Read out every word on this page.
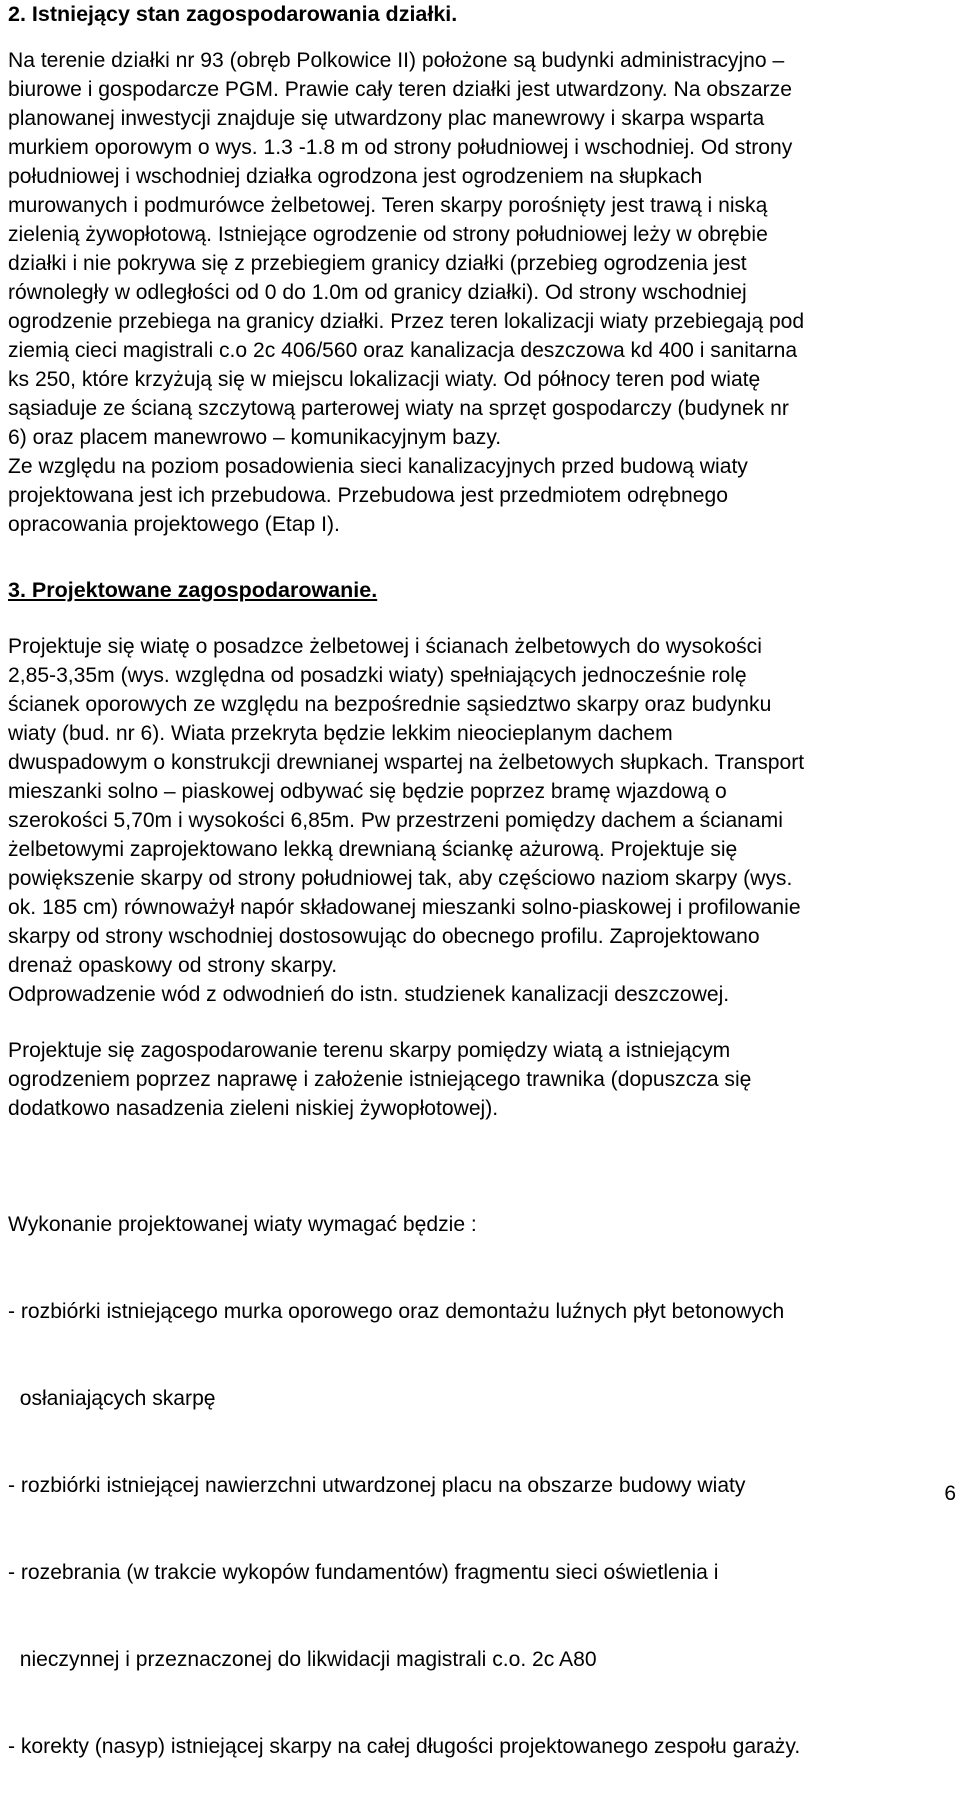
2. Istniejący stan zagospodarowania działki.

Na terenie działki nr 93 (obręb Polkowice II) położone są budynki administracyjno –
biurowe i gospodarcze PGM. Prawie cały teren działki jest utwardzony. Na obszarze
planowanej inwestycji znajduje się utwardzony plac manewrowy i skarpa wsparta
murkiem oporowym o wys. 1.3 -1.8 m od strony południowej i wschodniej. Od strony
południowej i wschodniej działka ogrodzona jest ogrodzeniem na słupkach
murowanych i podmurówce żelbetowej. Teren skarpy porośnięty jest trawą i niską
zielenią żywopłotową. Istniejące ogrodzenie od strony południowej leży w obrębie
działki i nie pokrywa się z przebiegiem granicy działki (przebieg ogrodzenia jest
równoległy w odległości od 0 do 1.0m od granicy działki). Od strony wschodniej
ogrodzenie przebiega na granicy działki. Przez teren lokalizacji wiaty przebiegają pod
ziemią cieci magistrali c.o 2c 406/560 oraz kanalizacja deszczowa kd 400 i sanitarna
ks 250, które krzyżują się w miejscu lokalizacji wiaty. Od północy teren pod wiatę
sąsiaduje ze ścianą szczytową parterowej wiaty na sprzęt gospodarczy (budynek nr
6) oraz placem manewrowo – komunikacyjnym bazy.
Ze względu na poziom posadowienia sieci kanalizacyjnych przed budową wiaty
projektowana jest ich przebudowa. Przebudowa jest przedmiotem odrębnego
opracowania projektowego (Etap I).

3. Projektowane zagospodarowanie.

Projektuje się wiatę o posadzce żelbetowej i ścianach żelbetowych do wysokości
2,85-3,35m (wys. względna od posadzki wiaty) spełniających jednocześnie rolę
ścianek oporowych ze względu na bezpośrednie sąsiedztwo skarpy oraz budynku
wiaty (bud. nr 6). Wiata przekryta będzie lekkim nieocieplanym dachem
dwuspadowym o konstrukcji drewnianej wspartej na żelbetowych słupkach. Transport
mieszanki solno – piaskowej odbywać się będzie poprzez bramę wjazdową o
szerokości 5,70m i wysokości 6,85m. Pw przestrzeni pomiędzy dachem a ścianami
żelbetowymi zaprojektowano lekką drewnianą ściankę ażurową. Projektuje się
powiększenie skarpy od strony południowej tak, aby częściowo naziom skarpy (wys.
ok. 185 cm) równoważył napór składowanej mieszanki solno-piaskowej i profilowanie
skarpy od strony wschodniej dostosowując do obecnego profilu. Zaprojektowano
drenaż opaskowy od strony skarpy.
Odprowadzenie wód z odwodnień do istn. studzienek kanalizacji deszczowej.
Projektuje się zagospodarowanie terenu skarpy pomiędzy wiatą a istniejącym
ogrodzeniem poprzez naprawę i założenie istniejącego trawnika (dopuszcza się
dodatkowo nasadzenia zieleni niskiej żywopłotowej).

Wykonanie projektowanej wiaty wymagać będzie :

- rozbiórki istniejącego murka oporowego oraz demontażu luźnych płyt betonowych

osłaniających skarpę

- rozbiórki istniejącej nawierzchni utwardzonej placu na obszarze budowy wiaty

- rozebrania (w trakcie wykopów fundamentów) fragmentu sieci oświetlenia i

nieczynnej i przeznaczonej do likwidacji magistrali c.o. 2c A80

- korekty (nasyp) istniejącej skarpy na całej długości projektowanego zespołu garaży.

6
